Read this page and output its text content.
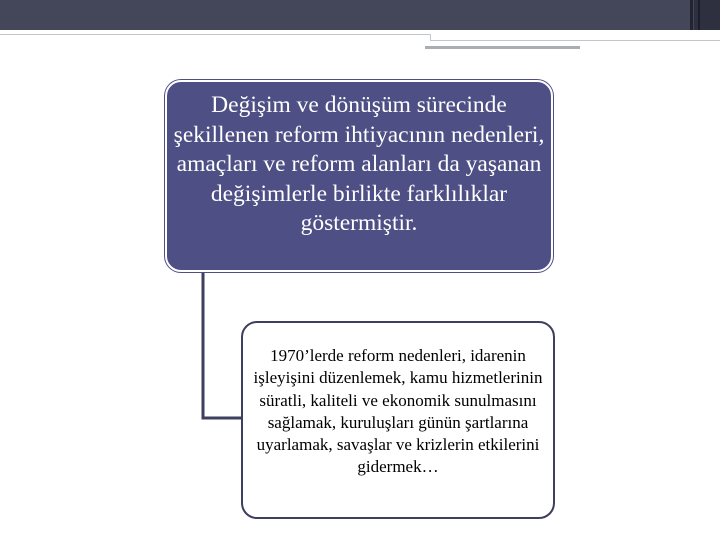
Değişim ve dönüşüm sürecinde şekillenen reform ihtiyacının nedenleri, amaçları ve reform alanları da yaşanan değişimlerle birlikte farklılıklar göstermiştir.
1970’lerde reform nedenleri, idarenin işleyişini düzenlemek, kamu hizmetlerinin süratli, kaliteli ve ekonomik sunulmasını sağlamak, kuruluşları günün şartlarına uyarlamak, savaşlar ve krizlerin etkilerini gidermek…
